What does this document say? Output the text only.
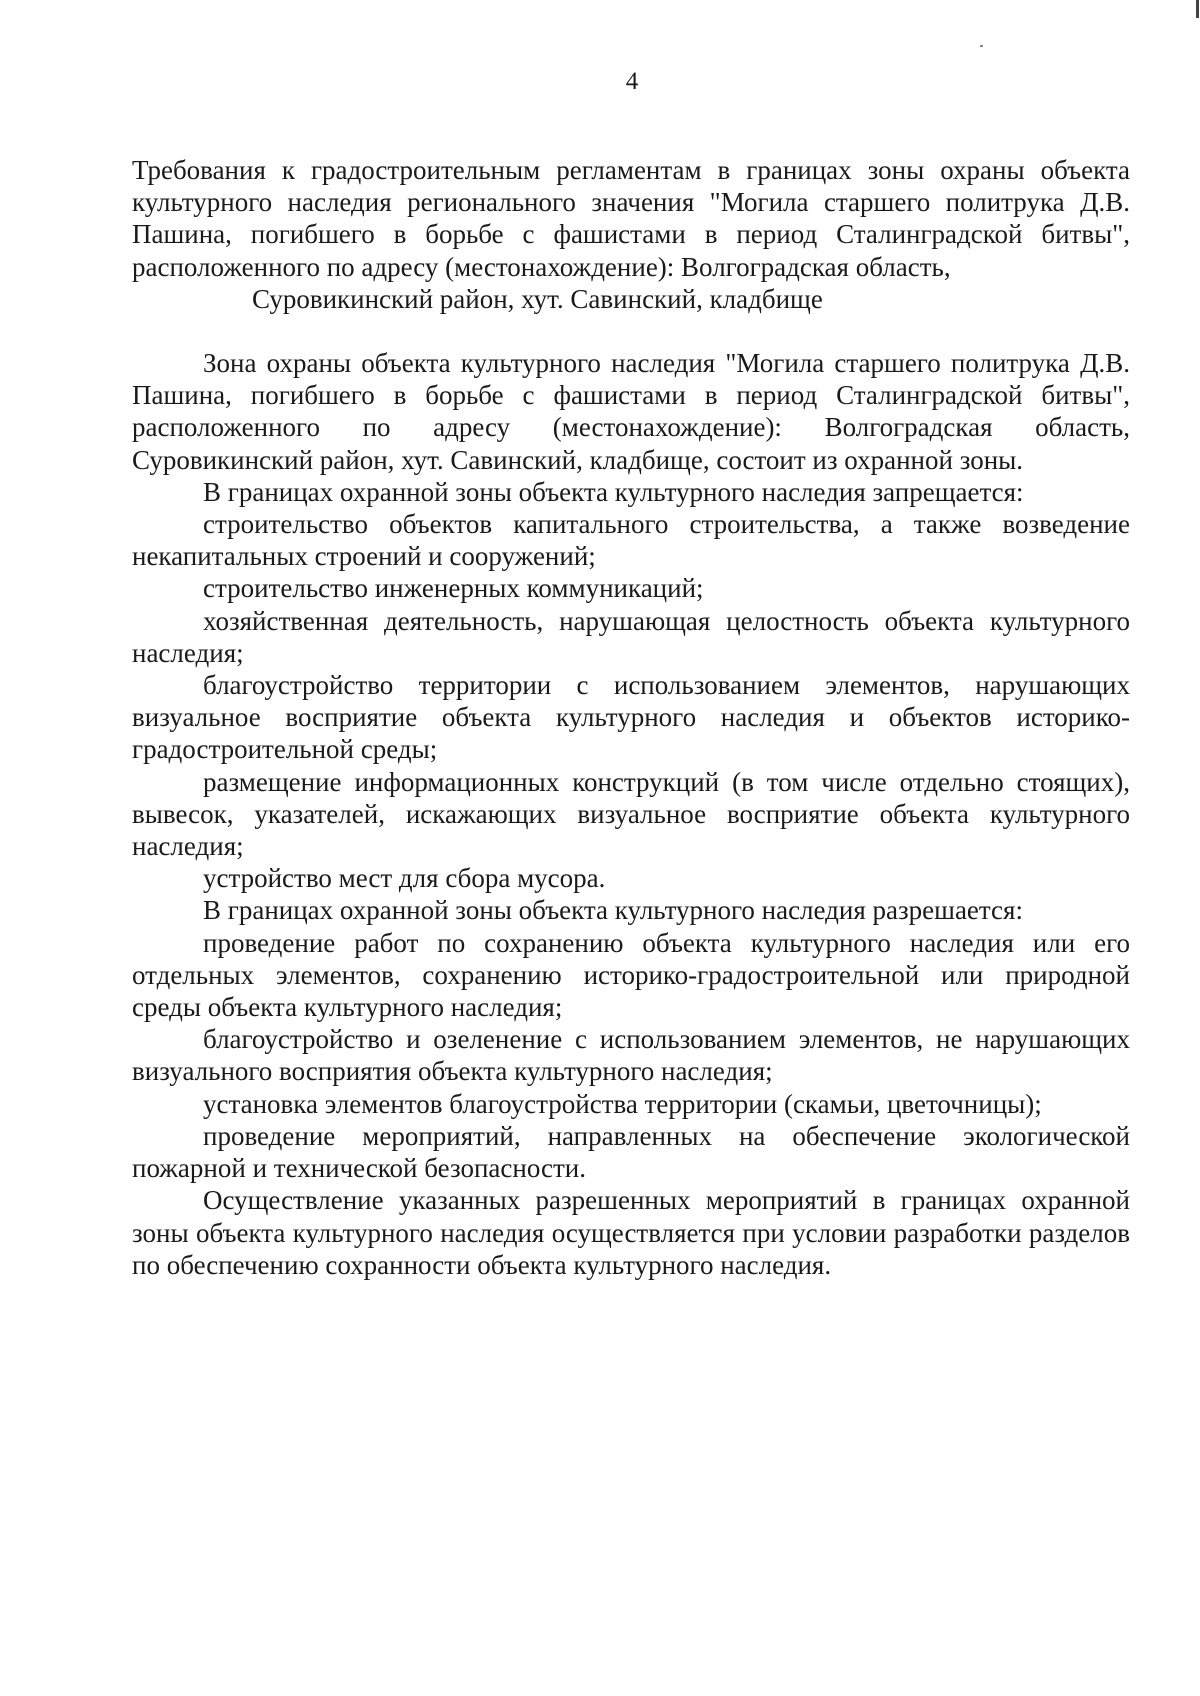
4

Требования к градостроительным регламентам в границах зоны охраны объекта культурного наследия регионального значения "Могила старшего политрука Д.В. Пашина, погибшего в борьбе с фашистами в период Сталинградской битвы", расположенного по адресу (местонахождение): Волгоградская область,

Суровикинский район, хут. Савинский, кладбище

Зона охраны объекта культурного наследия "Могила старшего политрука Д.В. Пашина, погибшего в борьбе с фашистами в период Сталинградской битвы", расположенного по адресу (местонахождение): Волгоградская область, Суровикинский район, хут. Савинский, кладбище, состоит из охранной зоны.

В границах охранной зоны объекта культурного наследия запрещается:

строительство объектов капитального строительства, а также возведение некапитальных строений и сооружений;

строительство инженерных коммуникаций;

хозяйственная деятельность, нарушающая целостность объекта культурного наследия;

благоустройство территории с использованием элементов, нарушающих визуальное восприятие объекта культурного наследия и объектов историко-градостроительной среды;

размещение информационных конструкций (в том числе отдельно стоящих), вывесок, указателей, искажающих визуальное восприятие объекта культурного наследия;

устройство мест для сбора мусора.

В границах охранной зоны объекта культурного наследия разрешается:

проведение работ по сохранению объекта культурного наследия или его отдельных элементов, сохранению историко-градостроительной или природной среды объекта культурного наследия;

благоустройство и озеленение с использованием элементов, не нарушающих визуального восприятия объекта культурного наследия;

установка элементов благоустройства территории (скамьи, цветочницы);

проведение мероприятий, направленных на обеспечение экологической пожарной и технической безопасности.

Осуществление указанных разрешенных мероприятий в границах охранной зоны объекта культурного наследия осуществляется при условии разработки разделов по обеспечению сохранности объекта культурного наследия.
